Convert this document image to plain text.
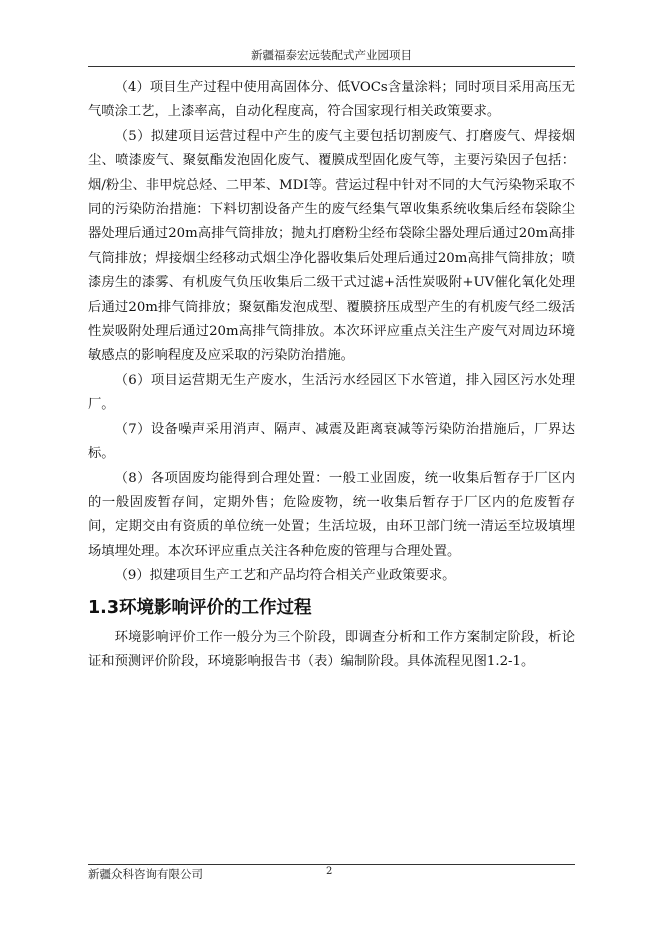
新疆福泰宏远装配式产业园项目

（4）项目生产过程中使用高固体分、低VOCs含量涂料；同时项目采用高压无气喷涂工艺，上漆率高，自动化程度高，符合国家现行相关政策要求。

（5）拟建项目运营过程中产生的废气主要包括切割废气、打磨废气、焊接烟尘、喷漆废气、聚氨酯发泡固化废气、覆膜成型固化废气等，主要污染因子包括：烟/粉尘、非甲烷总烃、二甲苯、MDI等。营运过程中针对不同的大气污染物采取不同的污染防治措施：下料切割设备产生的废气经集气罩收集系统收集后经布袋除尘器处理后通过20m高排气筒排放；抛丸打磨粉尘经布袋除尘器处理后通过20m高排气筒排放；焊接烟尘经移动式烟尘净化器收集后处理后通过20m高排气筒排放；喷漆房生的漆雾、有机废气负压收集后二级干式过滤+活性炭吸附+UV催化氧化处理后通过20m排气筒排放；聚氨酯发泡成型、覆膜挤压成型产生的有机废气经二级活性炭吸附处理后通过20m高排气筒排放。本次环评应重点关注生产废气对周边环境敏感点的影响程度及应采取的污染防治措施。

（6）项目运营期无生产废水，生活污水经园区下水管道，排入园区污水处理厂。

（7）设备噪声采用消声、隔声、减震及距离衰减等污染防治措施后，厂界达标。

（8）各项固废均能得到合理处置：一般工业固废，统一收集后暂存于厂区内的一般固废暂存间，定期外售；危险废物，统一收集后暂存于厂区内的危废暂存间，定期交由有资质的单位统一处置；生活垃圾，由环卫部门统一清运至垃圾填埋场填埋处理。本次环评应重点关注各种危废的管理与合理处置。

（9）拟建项目生产工艺和产品均符合相关产业政策要求。

1.3环境影响评价的工作过程

环境影响评价工作一般分为三个阶段，即调查分析和工作方案制定阶段，析论证和预测评价阶段，环境影响报告书（表）编制阶段。具体流程见图1.2-1。

新疆众科咨询有限公司	2
